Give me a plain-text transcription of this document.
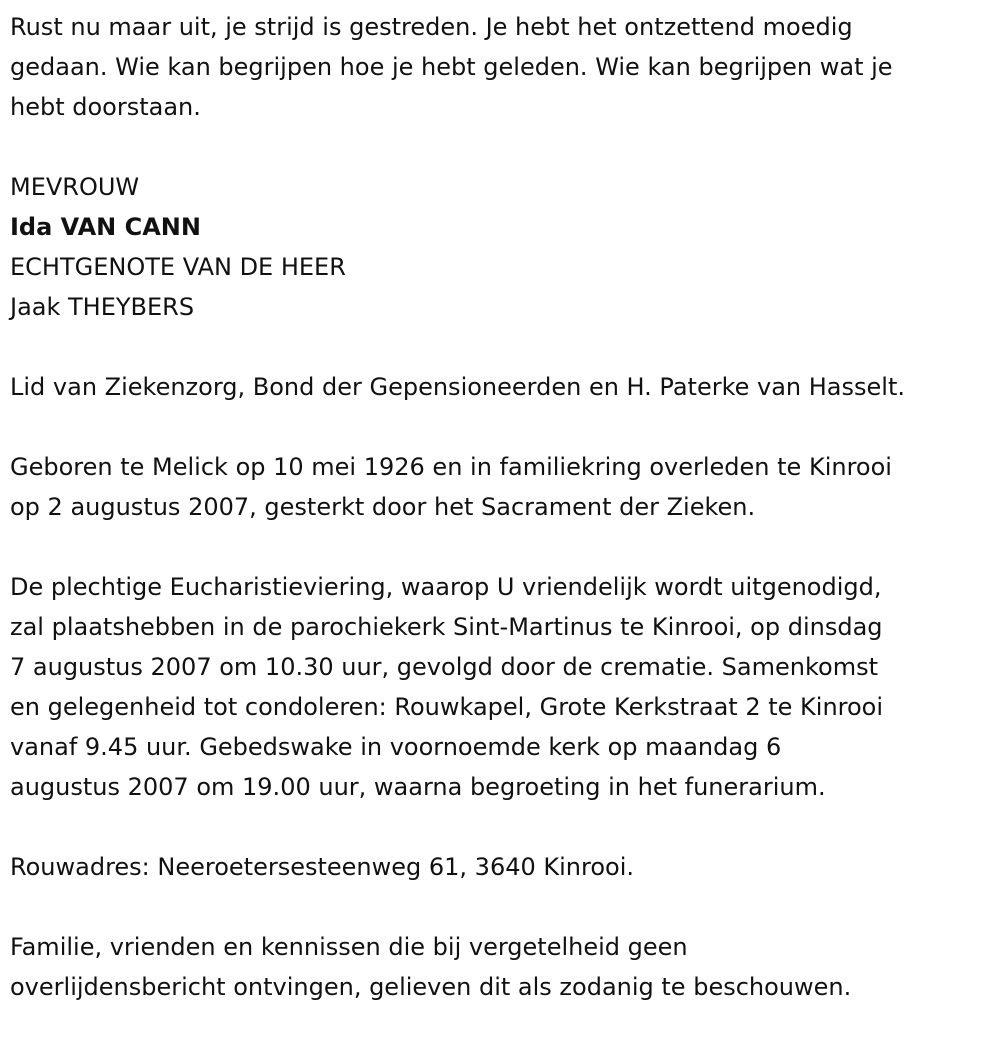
Rust nu maar uit, je strijd is gestreden. Je hebt het ontzettend moedig
gedaan. Wie kan begrijpen hoe je hebt geleden. Wie kan begrijpen wat je
hebt doorstaan.

MEVROUW

Ida VAN CANN

ECHTGENOTE VAN DE HEER

Jaak THEYBERS

Lid van Ziekenzorg, Bond der Gepensioneerden en H. Paterke van Hasselt.

Geboren te Melick op 10 mei 1926 en in familiekring overleden te Kinrooi
op 2 augustus 2007, gesterkt door het Sacrament der Zieken.

De plechtige Eucharistieviering, waarop U vriendelijk wordt uitgenodigd,
zal plaatshebben in de parochiekerk Sint-Martinus te Kinrooi, op dinsdag
7 augustus 2007 om 10.30 uur, gevolgd door de crematie. Samenkomst
en gelegenheid tot condoleren: Rouwkapel, Grote Kerkstraat 2 te Kinrooi
vanaf 9.45 uur. Gebedswake in voornoemde kerk op maandag 6
augustus 2007 om 19.00 uur, waarna begroeting in het funerarium.

Rouwadres: Neeroetersesteenweg 61, 3640 Kinrooi.

Familie, vrienden en kennissen die bij vergetelheid geen
overlijdensbericht ontvingen, gelieven dit als zodanig te beschouwen.
